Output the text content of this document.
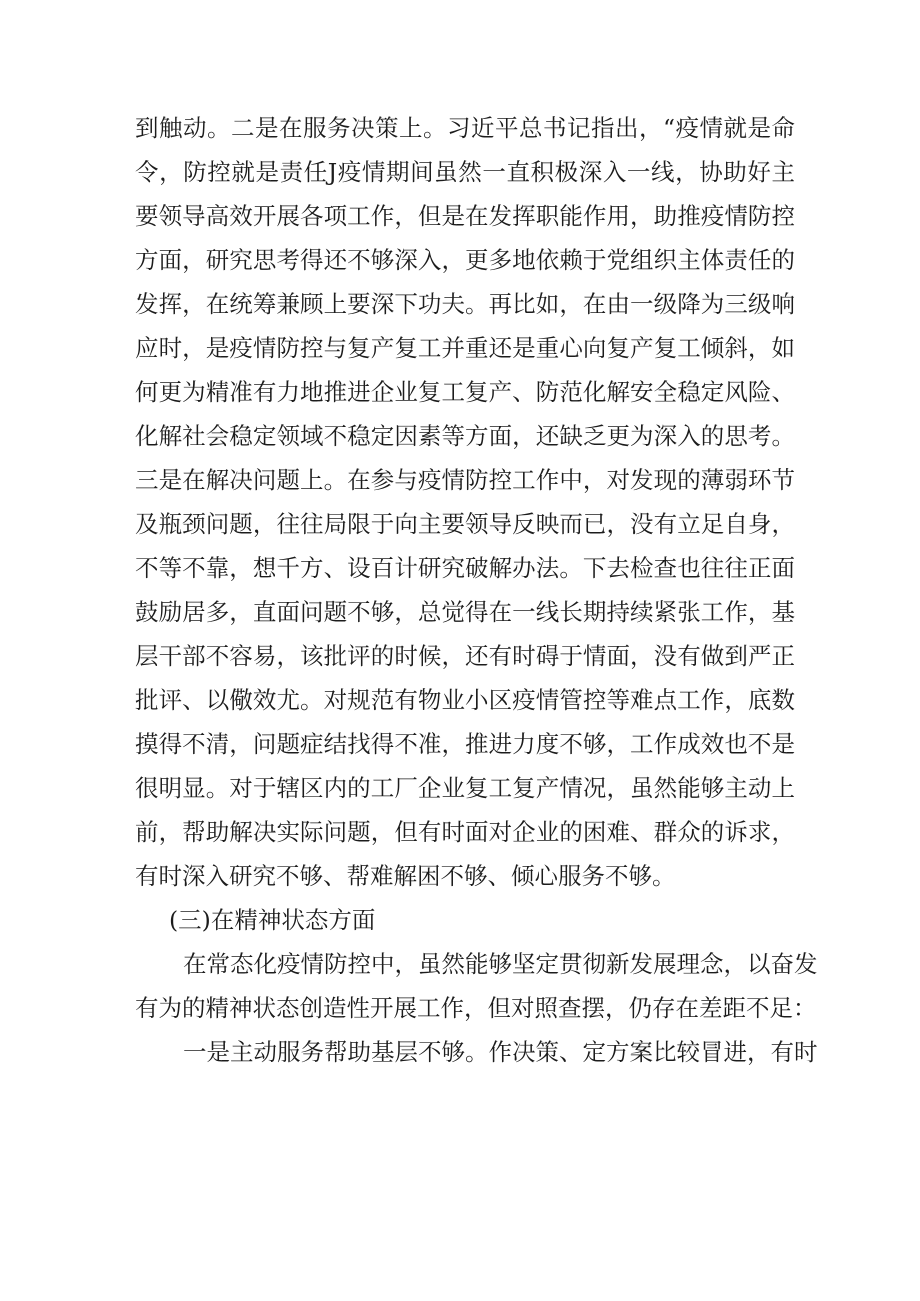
到触动。二是在服务决策上。习近平总书记指出，“疫情就是命
令，防控就是责任J疫情期间虽然一直积极深入一线，协助好主
要领导高效开展各项工作，但是在发挥职能作用，助推疫情防控
方面，研究思考得还不够深入，更多地依赖于党组织主体责任的
发挥，在统筹兼顾上要深下功夫。再比如，在由一级降为三级响
应时，是疫情防控与复产复工并重还是重心向复产复工倾斜，如
何更为精准有力地推进企业复工复产、防范化解安全稳定风险、
化解社会稳定领域不稳定因素等方面，还缺乏更为深入的思考。
三是在解决问题上。在参与疫情防控工作中，对发现的薄弱环节
及瓶颈问题，往往局限于向主要领导反映而已，没有立足自身，
不等不靠，想千方、设百计研究破解办法。下去检查也往往正面
鼓励居多，直面问题不够，总觉得在一线长期持续紧张工作，基
层干部不容易，该批评的时候，还有时碍于情面，没有做到严正
批评、以儆效尤。对规范有物业小区疫情管控等难点工作，底数
摸得不清，问题症结找得不准，推进力度不够，工作成效也不是
很明显。对于辖区内的工厂企业复工复产情况，虽然能够主动上
前，帮助解决实际问题，但有时面对企业的困难、群众的诉求，
有时深入研究不够、帮难解困不够、倾心服务不够。
(三)在精神状态方面
在常态化疫情防控中，虽然能够坚定贯彻新发展理念，以奋发
有为的精神状态创造性开展工作，但对照查摆，仍存在差距不足：
一是主动服务帮助基层不够。作决策、定方案比较冒进，有时
